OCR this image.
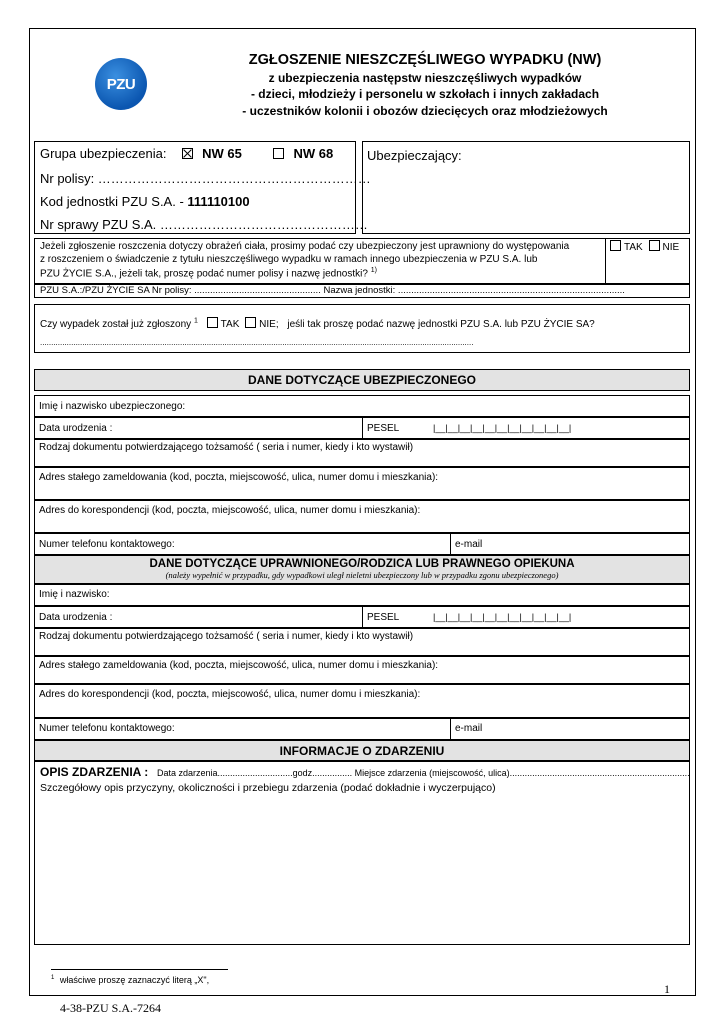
PZU
ZGŁOSZENIE NIESZCZĘŚLIWEGO WYPADKU (NW)
z ubezpieczenia następstw nieszczęśliwych wypadków
- dzieci, młodzieży i personelu w szkołach i innych zakładach
- uczestników kolonii i obozów dziecięcych oraz młodzieżowych
Grupa ubezpieczenia:	NW 65	NW 68
Nr polisy: ………………………………………………………
Kod jednostki PZU S.A. - 111110100
Nr sprawy PZU S.A. …………………………………………
Ubezpieczający:
Jeżeli zgłoszenie roszczenia dotyczy obrażeń ciała, prosimy podać czy ubezpieczony jest uprawniony do występowania
z roszczeniem o świadczenie z tytułu nieszczęśliwego wypadku w ramach innego ubezpieczenia w PZU S.A. lub
PZU ŻYCIE S.A., jeżeli tak, proszę podać numer polisy i nazwę jednostki? $^{1)}$
TAK NIE
PZU S.A.:/PZU ŻYCIE SA Nr polisy: ................................................ Nazwa jednostki: ......................................................................................
Czy wypadek został już zgłoszony $^1$ TAK NIE; jeśli tak proszę podać nazwę jednostki PZU S.A. lub PZU ŻYCIE SA?
...................................................................................................................................................................................................
DANE DOTYCZĄCE UBEZPIECZONEGO
Imię i nazwisko ubezpieczonego:
Data urodzenia :	PESEL	|__|__|__|__|__|__|__|__|__|__|__|
Rodzaj dokumentu potwierdzającego tożsamość ( seria i numer, kiedy i kto wystawił)
Adres stałego zameldowania (kod, poczta, miejscowość, ulica, numer domu i mieszkania):
Adres do korespondencji (kod, poczta, miejscowość, ulica, numer domu i mieszkania):
Numer telefonu kontaktowego:	e-mail
DANE DOTYCZĄCE UPRAWNIONEGO/RODZICA LUB PRAWNEGO OPIEKUNA
(należy wypełnić w przypadku, gdy wypadkowi uległ nieletni ubezpieczony lub w przypadku zgonu ubezpieczonego)
Imię i nazwisko:
Data urodzenia :	PESEL	|__|__|__|__|__|__|__|__|__|__|__|
Rodzaj dokumentu potwierdzającego tożsamość ( seria i numer, kiedy i kto wystawił)
Adres stałego zameldowania (kod, poczta, miejscowość, ulica, numer domu i mieszkania):
Adres do korespondencji (kod, poczta, miejscowość, ulica, numer domu i mieszkania):
Numer telefonu kontaktowego:	e-mail
INFORMACJE O ZDARZENIU
OPIS ZDARZENIA : Data zdarzenia..............................godz................ Miejsce zdarzenia (miejscowość, ulica)........................................................................
Szczegółowy opis przyczyny, okoliczności i przebiegu zdarzenia (podać dokładnie i wyczerpująco)
$^1$ właściwe proszę zaznaczyć literą „X",
1
4-38-PZU S.A.-7264
